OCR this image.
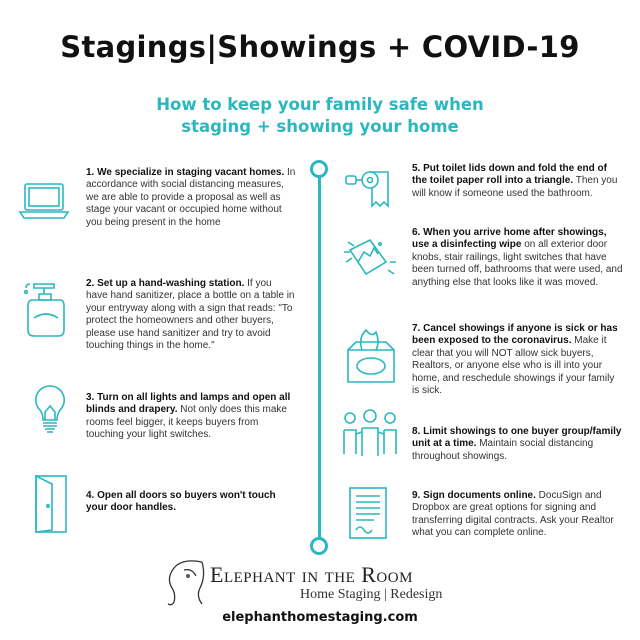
Stagings|Showings + COVID-19
How to keep your family safe when
staging + showing your home
1. We specialize in staging vacant homes. In accordance with social distancing measures, we are able to provide a proposal as well as stage your vacant or occupied home without you being present in the home
2. Set up a hand-washing station. If you have hand sanitizer, place a bottle on a table in your entryway along with a sign that reads: "To protect the homeowners and other buyers, please use hand sanitizer and try to avoid touching things in the home."
3. Turn on all lights and lamps and open all blinds and drapery. Not only does this make rooms feel bigger, it keeps buyers from touching your light switches.
4. Open all doors so buyers won't touch your door handles.
5. Put toilet lids down and fold the end of the toilet paper roll into a triangle. Then you will know if someone used the bathroom.
6. When you arrive home after showings, use a disinfecting wipe on all exterior door knobs, stair railings, light switches that have been turned off, bathrooms that were used, and anything else that looks like it was moved.
7. Cancel showings if anyone is sick or has been exposed to the coronavirus. Make it clear that you will NOT allow sick buyers, Realtors, or anyone else who is ill into your home, and reschedule showings if your family is sick.
8. Limit showings to one buyer group/family unit at a time. Maintain social distancing throughout showings.
9. Sign documents online. DocuSign and Dropbox are great options for signing and transferring digital contracts. Ask your Realtor what you can complete online.
Elephant in the Room
Home Staging | Redesign
elephanthomestaging.com
